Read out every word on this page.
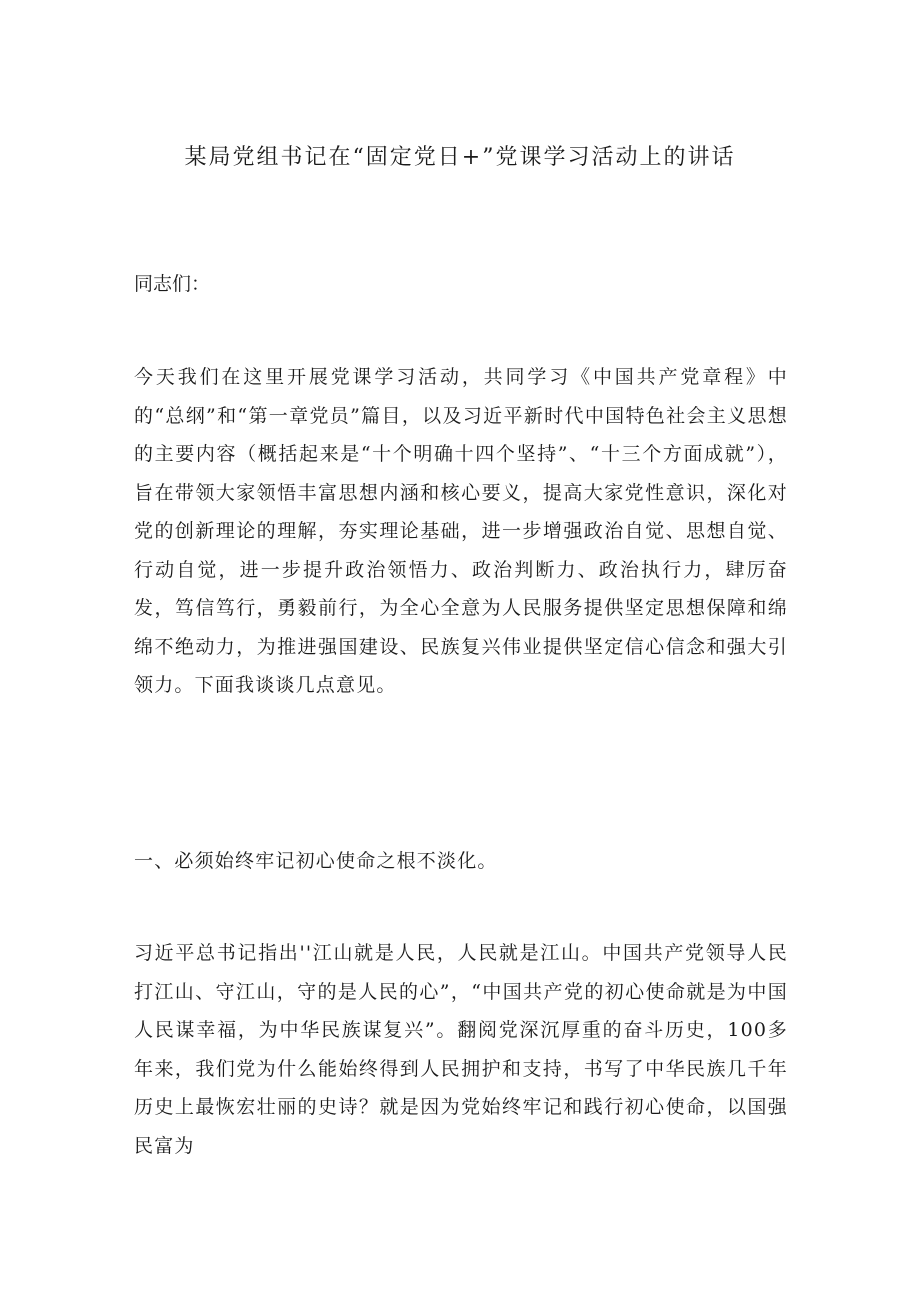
某局党组书记在“固定党日+”党课学习活动上的讲话
同志们：

今天我们在这里开展党课学习活动，共同学习《中国共产党章程》中的“总纲”和“第一章党员”篇目，以及习近平新时代中国特色社会主义思想的主要内容（概括起来是“十个明确十四个坚持”、“十三个方面成就”），旨在带领大家领悟丰富思想内涵和核心要义，提高大家党性意识，深化对党的创新理论的理解，夯实理论基础，进一步增强政治自觉、思想自觉、行动自觉，进一步提升政治领悟力、政治判断力、政治执行力，肆厉奋发，笃信笃行，勇毅前行，为全心全意为人民服务提供坚定思想保障和绵绵不绝动力，为推进强国建设、民族复兴伟业提供坚定信心信念和强大引领力。下面我谈谈几点意见。

一、必须始终牢记初心使命之根不淡化。

习近平总书记指出''江山就是人民，人民就是江山。中国共产党领导人民打江山、守江山，守的是人民的心”，“中国共产党的初心使命就是为中国人民谋幸福，为中华民族谋复兴”。翻阅党深沉厚重的奋斗历史，100多年来，我们党为什么能始终得到人民拥护和支持，书写了中华民族几千年历史上最恢宏壮丽的史诗？就是因为党始终牢记和践行初心使命，以国强民富为
